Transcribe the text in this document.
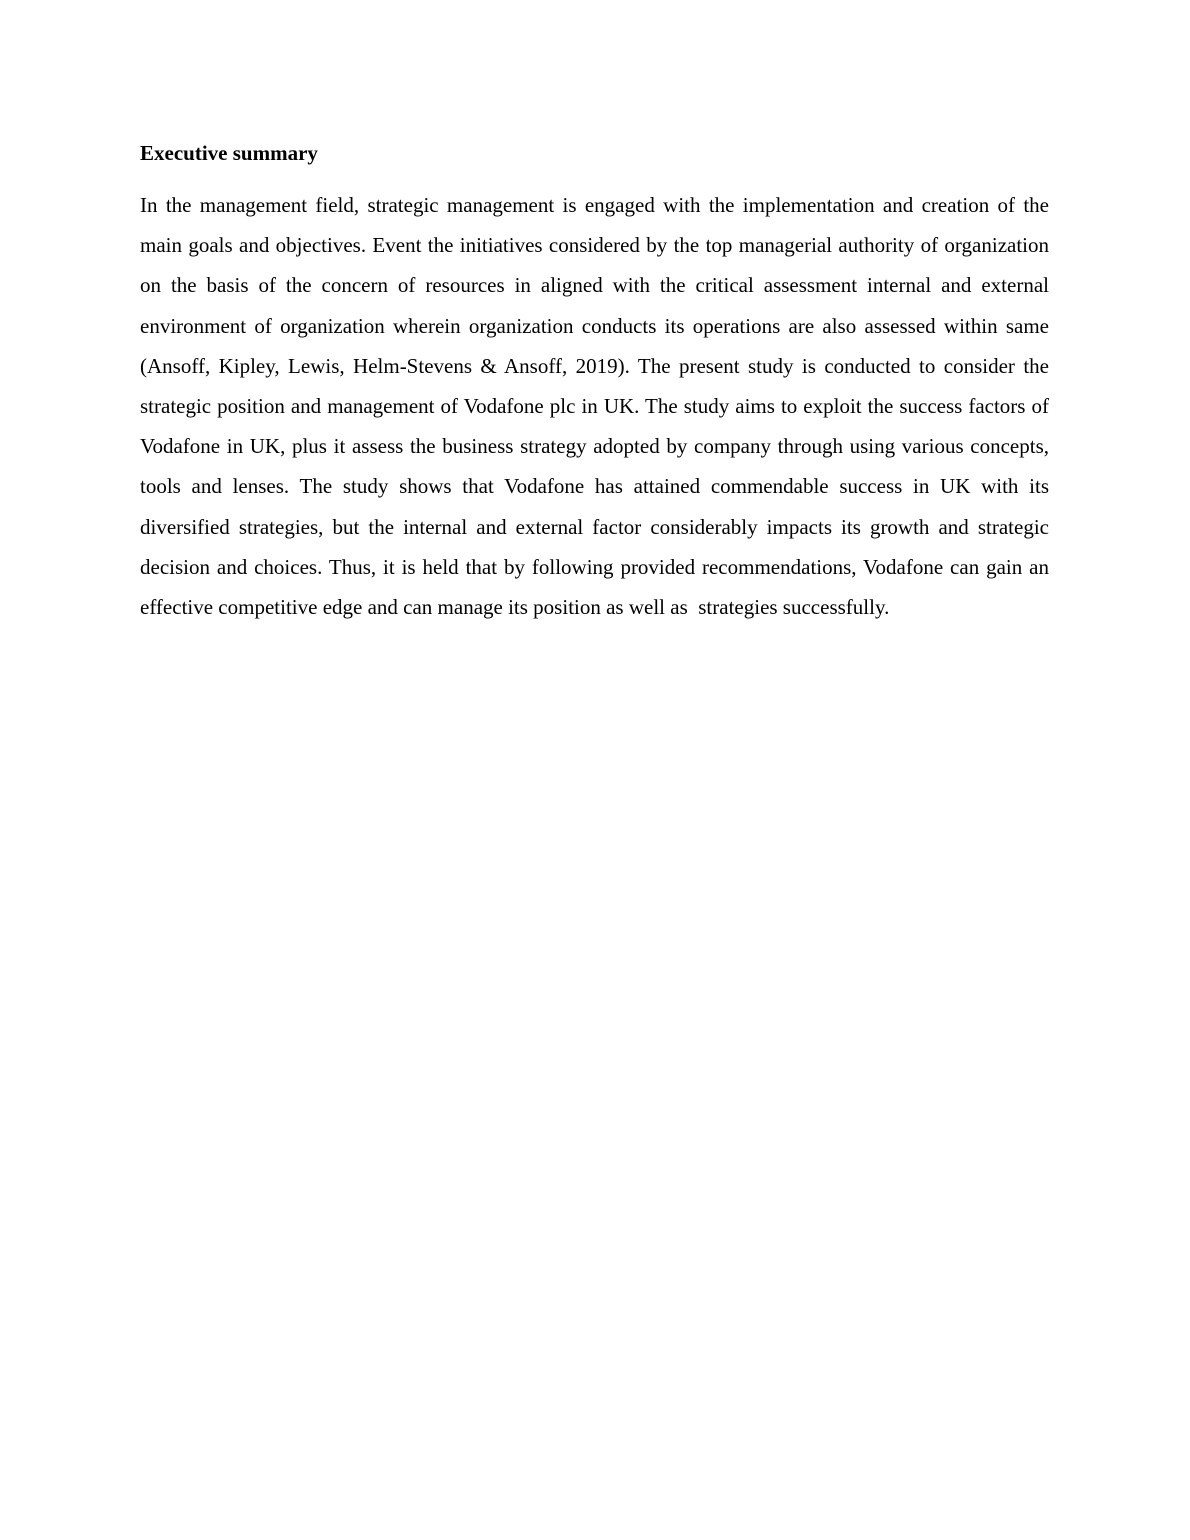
Executive summary

In the management field, strategic management is engaged with the implementation and creation of the main goals and objectives. Event the initiatives considered by the top managerial authority of organization on the basis of the concern of resources in aligned with the critical assessment internal and external environment of organization wherein organization conducts its operations are also assessed within same (Ansoff, Kipley, Lewis, Helm-Stevens & Ansoff, 2019). The present study is conducted to consider the strategic position and management of Vodafone plc in UK. The study aims to exploit the success factors of Vodafone in UK, plus it assess the business strategy adopted by company through using various concepts, tools and lenses. The study shows that Vodafone has attained commendable success in UK with its diversified strategies, but the internal and external factor considerably impacts its growth and strategic decision and choices. Thus, it is held that by following provided recommendations, Vodafone can gain an effective competitive edge and can manage its position as well as  strategies successfully.
